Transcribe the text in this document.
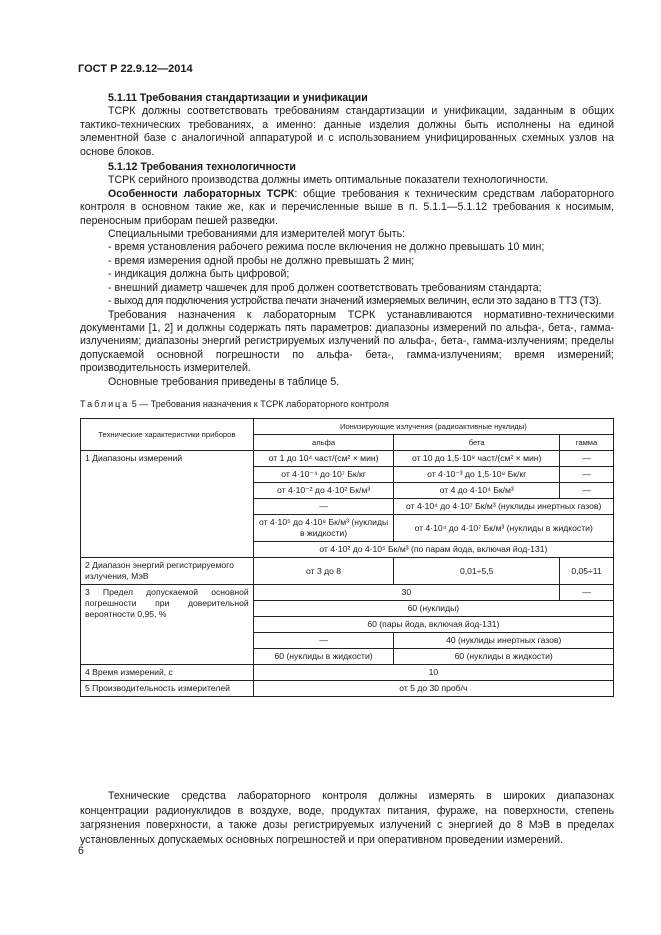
ГОСТ Р 22.9.12—2014

5.1.11 Требования стандартизации и унификации

ТСРК должны соответствовать требованиям стандартизации и унификации, заданным в общих тактико-технических требованиях, а именно: данные изделия должны быть исполнены на единой элементной базе с аналогичной аппаратурой и с использованием унифицированных схемных узлов на основе блоков.

5.1.12 Требования технологичности

ТСРК серийного производства должны иметь оптимальные показатели технологичности.

Особенности лабораторных ТСРК: общие требования к техническим средствам лабораторного контроля в основном такие же, как и перечисленные выше в п. 5.1.1—5.1.12 требования к носимым, переносным приборам пешей разведки.

Специальными требованиями для измерителей могут быть:

- время установления рабочего режима после включения не должно превышать 10 мин;

- время измерения одной пробы не должно превышать 2 мин;

- индикация должна быть цифровой;

- внешний диаметр чашечек для проб должен соответствовать требованиям стандарта;

- выход для подключения устройства печати значений измеряемых величин, если это задано в ТТЗ (ТЗ).

Требования назначения к лабораторным ТСРК устанавливаются нормативно-техническими документами [1, 2] и должны содержать пять параметров: диапазоны измерений по альфа-, бета-, гамма-излучениям; диапазоны энергий регистрируемых излучений по альфа-, бета-, гамма-излучениям; пределы допускаемой основной погрешности по альфа- бета-, гамма-излучениям; время измерений; производительность измерителей.

Основные требования приведены в таблице 5.

Таблица 5 — Требования назначения к ТСРК лабораторного контроля
Технические характеристики приборов	Ионизирующие излучения (радиоактивные нуклиды)		
	альфа	бета	гамма
1 Диапазоны измерений	от 1 до 10⁴ част/(см² × мин)	от 10 до 1,5·10⁹ част/(см² × мин)	—
	от 4·10⁻⁴ до 10⁷ Бк/кг	от 4·10⁻³ до 1,5·10⁸ Бк/кг	—
	от 4·10⁻² до 4·10² Бк/м³	от 4 до 4·10⁴ Бк/м³	—
	—	от 4·10⁴ до 4·10⁷ Бк/м³ (нуклиды инертных газов)	
	от 4·10⁵ до 4·10⁸ Бк/м³ (нуклиды в жидкости)	от 4·10⁴ до 4·10⁷ Бк/м³ (нуклиды в жидкости)	
	от 4·10² до 4·10⁵ Бк/м³ (по парам йода, включая йод-131)		
2 Диапазон энергий регистрируемого излучения, МэВ	от 3 до 8	0,01÷5,5	0,05÷11
3 Предел допускаемой основной погрешности при доверительной вероятности 0,95, %	30		—
	60 (нуклиды)		
	60 (пары йода, включая йод-131)		
	—	40 (нуклиды инертных газов)	
	60 (нуклиды в жидкости)	60 (нуклиды в жидкости)	
4 Время измерений, с	10		
5 Производительность измерителей	от 5 до 30 проб/ч		

Технические средства лабораторного контроля должны измерять в широких диапазонах концентрации радионуклидов в воздухе, воде, продуктах питания, фураже, на поверхности, степень загрязнения поверхности, а также дозы регистрируемых излучений с энергией до 8 МэВ в пределах установленных допускаемых основных погрешностей и при оперативном проведении измерений.

6
